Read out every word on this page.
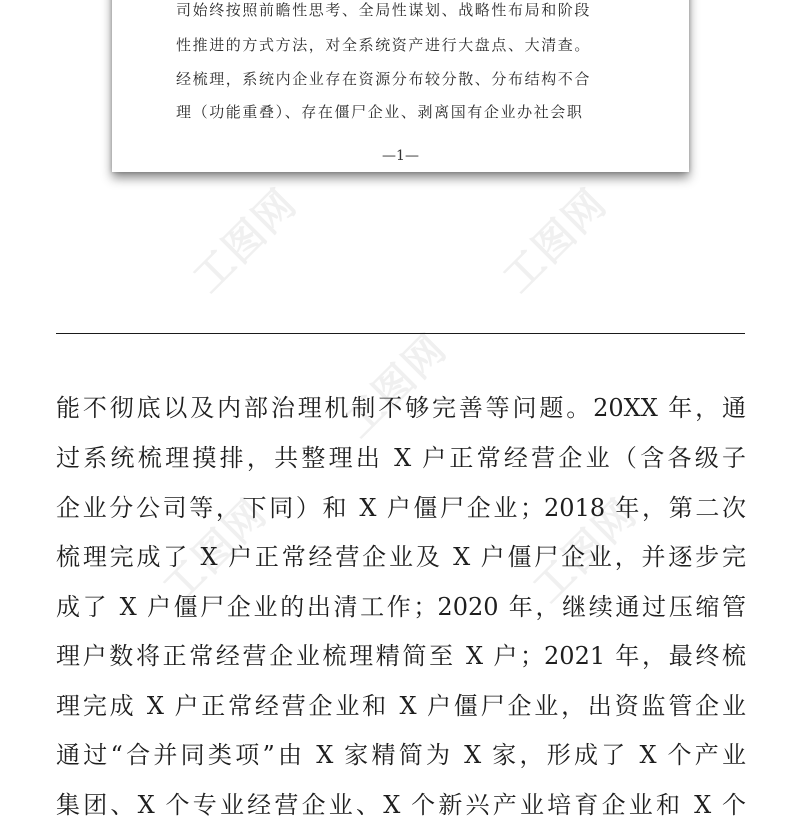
司始终按照前瞻性思考、全局性谋划、战略性布局和阶段
性推进的方式方法，对全系统资产进行大盘点、大清查。
经梳理，系统内企业存在资源分布较分散、分布结构不合
理（功能重叠）、存在僵尸企业、剥离国有企业办社会职
—1—
工图网	工图网
工图网
工图网	工图网
能不彻底以及内部治理机制不够完善等问题。20XX 年，通
过系统梳理摸排，共整理出 X 户正常经营企业（含各级子
企业分公司等，下同）和 X 户僵尸企业；2018 年，第二次
梳理完成了 X 户正常经营企业及 X 户僵尸企业，并逐步完
成了 X 户僵尸企业的出清工作；2020 年，继续通过压缩管
理户数将正常经营企业梳理精简至 X 户；2021 年，最终梳
理完成 X 户正常经营企业和 X 户僵尸企业，出资监管企业
通过“合并同类项”由 X 家精简为 X 家，形成了 X 个产业
集团、X 个专业经营企业、X 个新兴产业培育企业和 X 个
